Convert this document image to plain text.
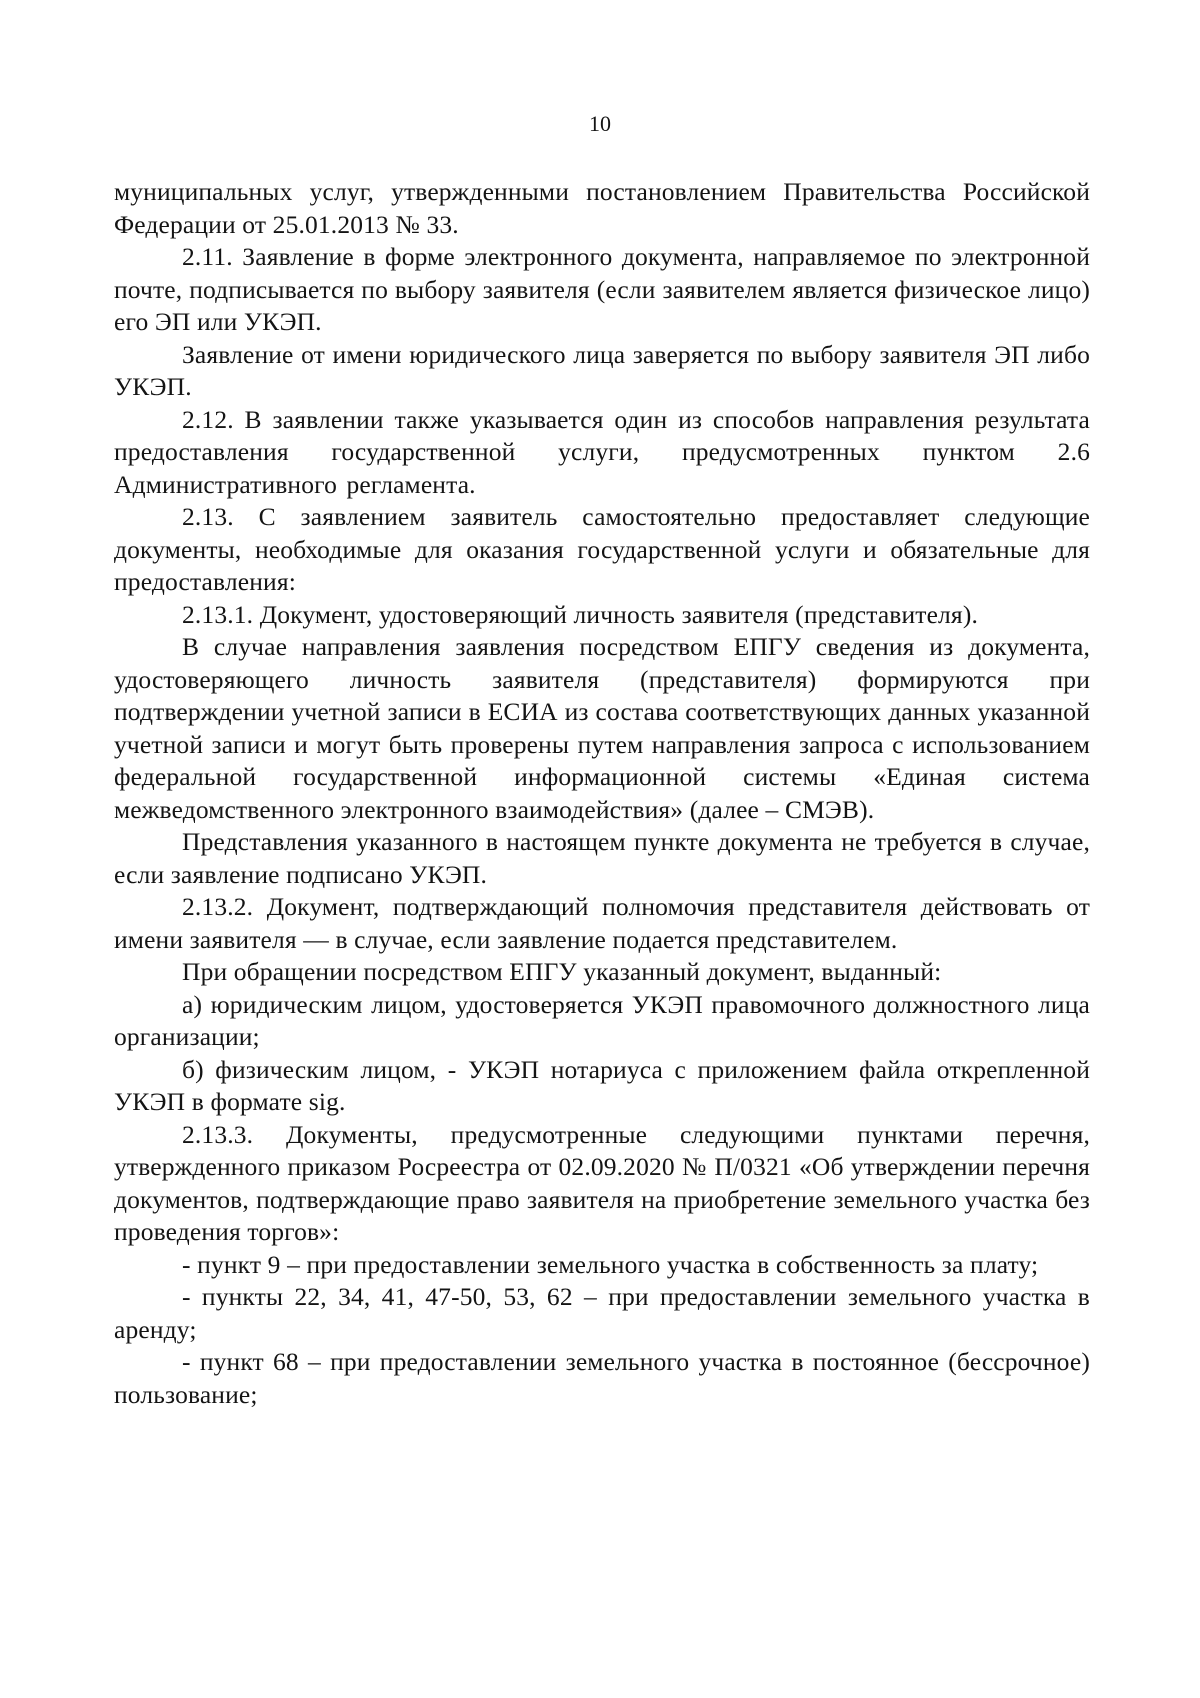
10

муниципальных услуг, утвержденными постановлением Правительства Российской Федерации от 25.01.2013 № 33.

2.11. Заявление в форме электронного документа, направляемое по электронной почте, подписывается по выбору заявителя (если заявителем является физическое лицо) его ЭП или УКЭП.

Заявление от имени юридического лица заверяется по выбору заявителя ЭП либо УКЭП.

2.12. В заявлении также указывается один из способов направления результата предоставления государственной услуги, предусмотренных пунктом 2.6 Административного регламента.

2.13. С заявлением заявитель самостоятельно предоставляет следующие документы, необходимые для оказания государственной услуги и обязательные для предоставления:

2.13.1. Документ, удостоверяющий личность заявителя (представителя).

В случае направления заявления посредством ЕПГУ сведения из документа, удостоверяющего личность заявителя (представителя) формируются при подтверждении учетной записи в ЕСИА из состава соответствующих данных указанной учетной записи и могут быть проверены путем направления запроса с использованием федеральной государственной информационной системы «Единая система межведомственного электронного взаимодействия» (далее – СМЭВ).

Представления указанного в настоящем пункте документа не требуется в случае, если заявление подписано УКЭП.

2.13.2. Документ, подтверждающий полномочия представителя действовать от имени заявителя — в случае, если заявление подается представителем.

При обращении посредством ЕПГУ указанный документ, выданный:

а) юридическим лицом, удостоверяется УКЭП правомочного должностного лица организации;

б) физическим лицом, - УКЭП нотариуса с приложением файла открепленной УКЭП в формате sig.

2.13.3. Документы, предусмотренные следующими пунктами перечня, утвержденного приказом Росреестра от 02.09.2020 № П/0321 «Об утверждении перечня документов, подтверждающие право заявителя на приобретение земельного участка без проведения торгов»:

- пункт 9 – при предоставлении земельного участка в собственность за плату;

- пункты 22, 34, 41, 47-50, 53, 62 – при предоставлении земельного участка в аренду;

- пункт 68 – при предоставлении земельного участка в постоянное (бессрочное) пользование;
